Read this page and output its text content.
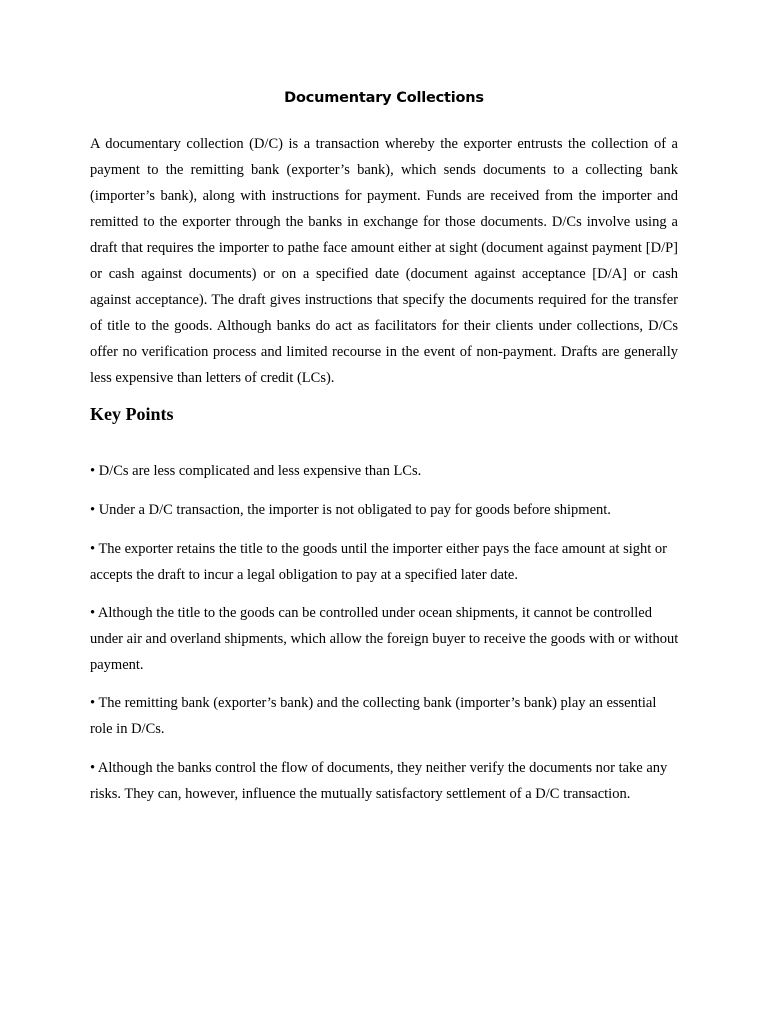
Documentary Collections

A documentary collection (D/C) is a transaction whereby the exporter entrusts the collection of a payment to the remitting bank (exporter’s bank), which sends documents to a collecting bank (importer’s bank), along with instructions for payment. Funds are received from the importer and remitted to the exporter through the banks in exchange for those documents. D/Cs involve using a draft that requires the importer to pathe face amount either at sight (document against payment [D/P] or cash against documents) or on a specified date (document against acceptance [D/A] or cash against acceptance). The draft gives instructions that specify the documents required for the transfer of title to the goods. Although banks do act as facilitators for their clients under collections, D/Cs offer no verification process and limited recourse in the event of non-payment. Drafts are generally less expensive than letters of credit (LCs).

Key Points

• D/Cs are less complicated and less expensive than LCs.

• Under a D/C transaction, the importer is not obligated to pay for goods before shipment.

• The exporter retains the title to the goods until the importer either pays the face amount at sight or accepts the draft to incur a legal obligation to pay at a specified later date.

• Although the title to the goods can be controlled under ocean shipments, it cannot be controlled under air and overland shipments, which allow the foreign buyer to receive the goods with or without payment.

• The remitting bank (exporter’s bank) and the collecting bank (importer’s bank) play an essential role in D/Cs.

• Although the banks control the flow of documents, they neither verify the documents nor take any risks. They can, however, influence the mutually satisfactory settlement of a D/C transaction.
